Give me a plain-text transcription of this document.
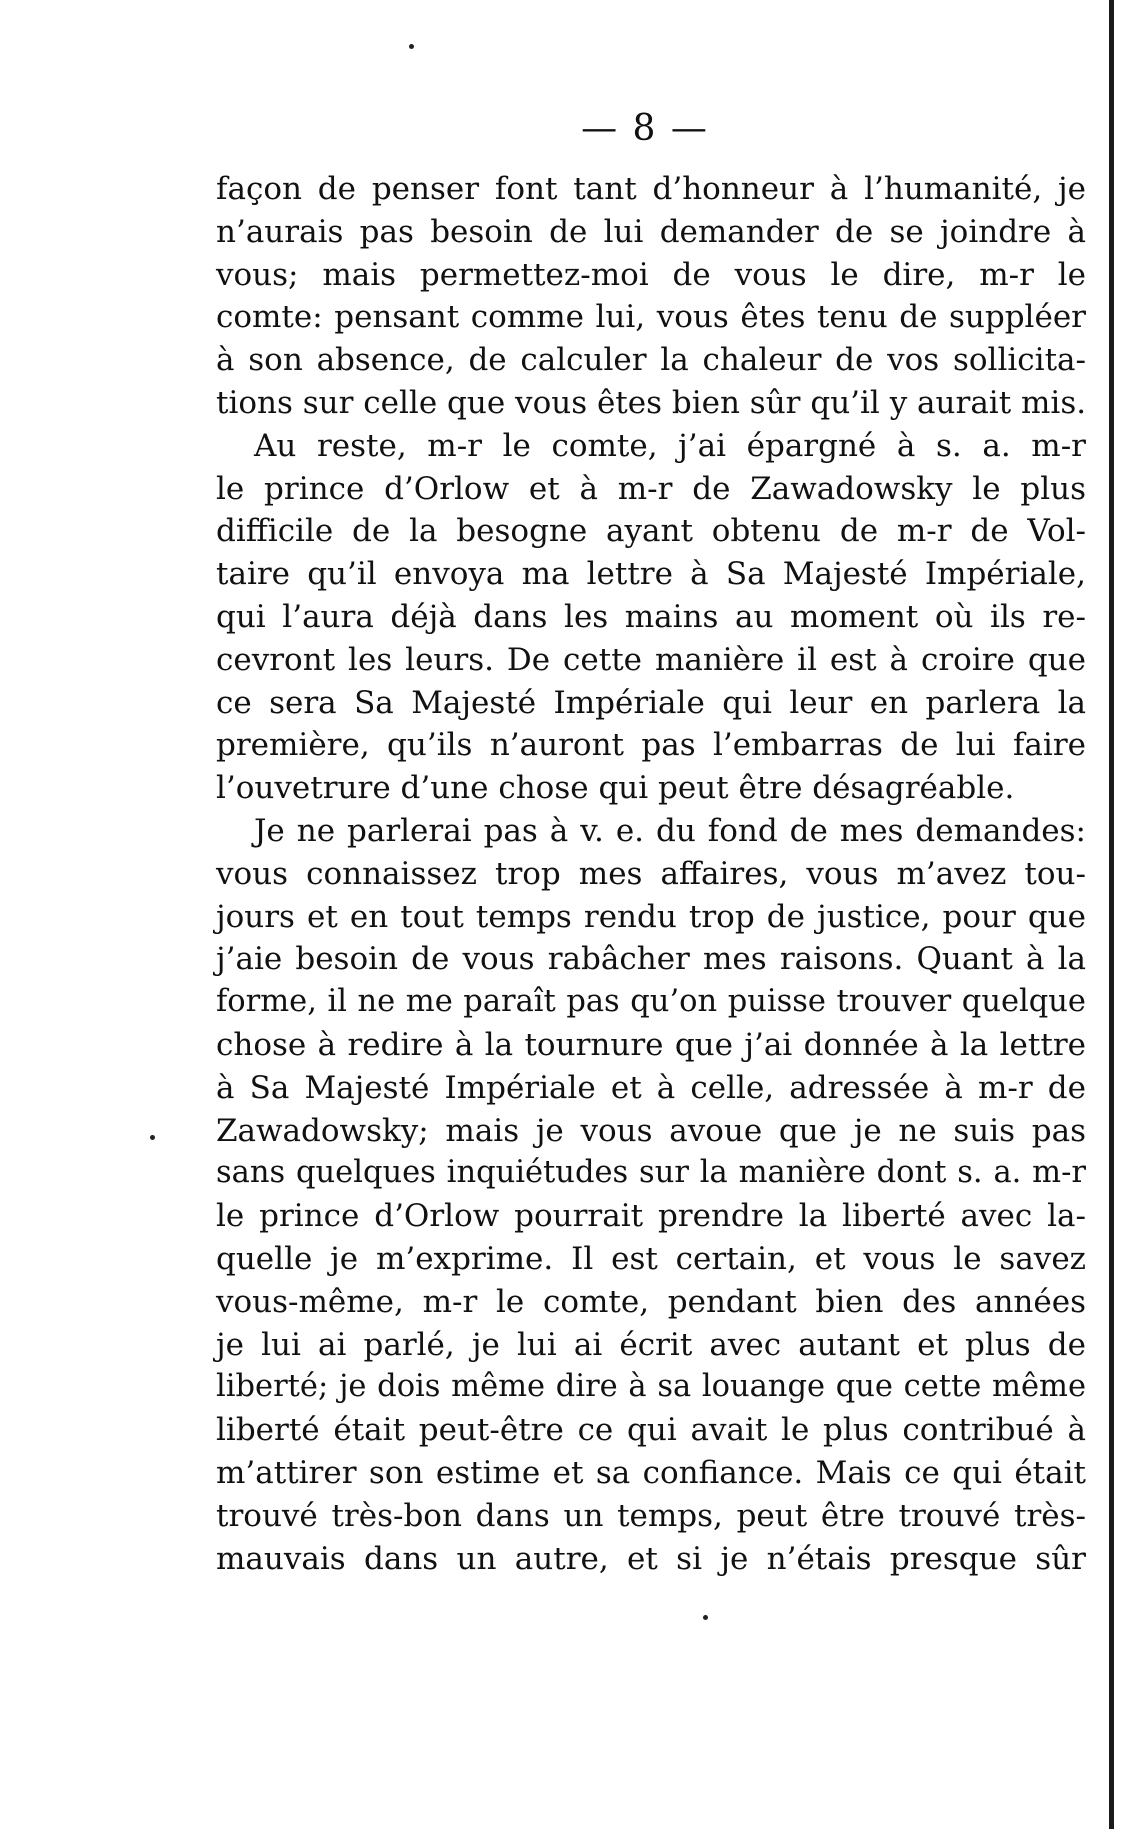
— 8 —
façon de penser font tant d’honneur à l’humanité, je
n’aurais pas besoin de lui demander de se joindre à
vous; mais permettez-moi de vous le dire, m-r le
comte: pensant comme lui, vous êtes tenu de suppléer
à son absence, de calculer la chaleur de vos sollicita-
tions sur celle que vous êtes bien sûr qu’il y aurait mis.
Au reste, m-r le comte, j’ai épargné à s. a. m-r
le prince d’Orlow et à m-r de Zawadowsky le plus
difficile de la besogne ayant obtenu de m-r de Vol-
taire qu’il envoya ma lettre à Sa Majesté Impériale,
qui l’aura déjà dans les mains au moment où ils re-
cevront les leurs. De cette manière il est à croire que
ce sera Sa Majesté Impériale qui leur en parlera la
première, qu’ils n’auront pas l’embarras de lui faire
l’ouvetrure d’une chose qui peut être désagréable.
Je ne parlerai pas à v. e. du fond de mes demandes:
vous connaissez trop mes affaires, vous m’avez tou-
jours et en tout temps rendu trop de justice, pour que
j’aie besoin de vous rabâcher mes raisons. Quant à la
forme, il ne me paraît pas qu’on puisse trouver quelque
chose à redire à la tournure que j’ai donnée à la lettre
à Sa Majesté Impériale et à celle, adressée à m-r de
Zawadowsky; mais je vous avoue que je ne suis pas
sans quelques inquiétudes sur la manière dont s. a. m-r
le prince d’Orlow pourrait prendre la liberté avec la-
quelle je m’exprime. Il est certain, et vous le savez
vous-même, m-r le comte, pendant bien des années
je lui ai parlé, je lui ai écrit avec autant et plus de
liberté; je dois même dire à sa louange que cette même
liberté était peut-être ce qui avait le plus contribué à
m’attirer son estime et sa confiance. Mais ce qui était
trouvé très-bon dans un temps, peut être trouvé très-
mauvais dans un autre, et si je n’étais presque sûr
